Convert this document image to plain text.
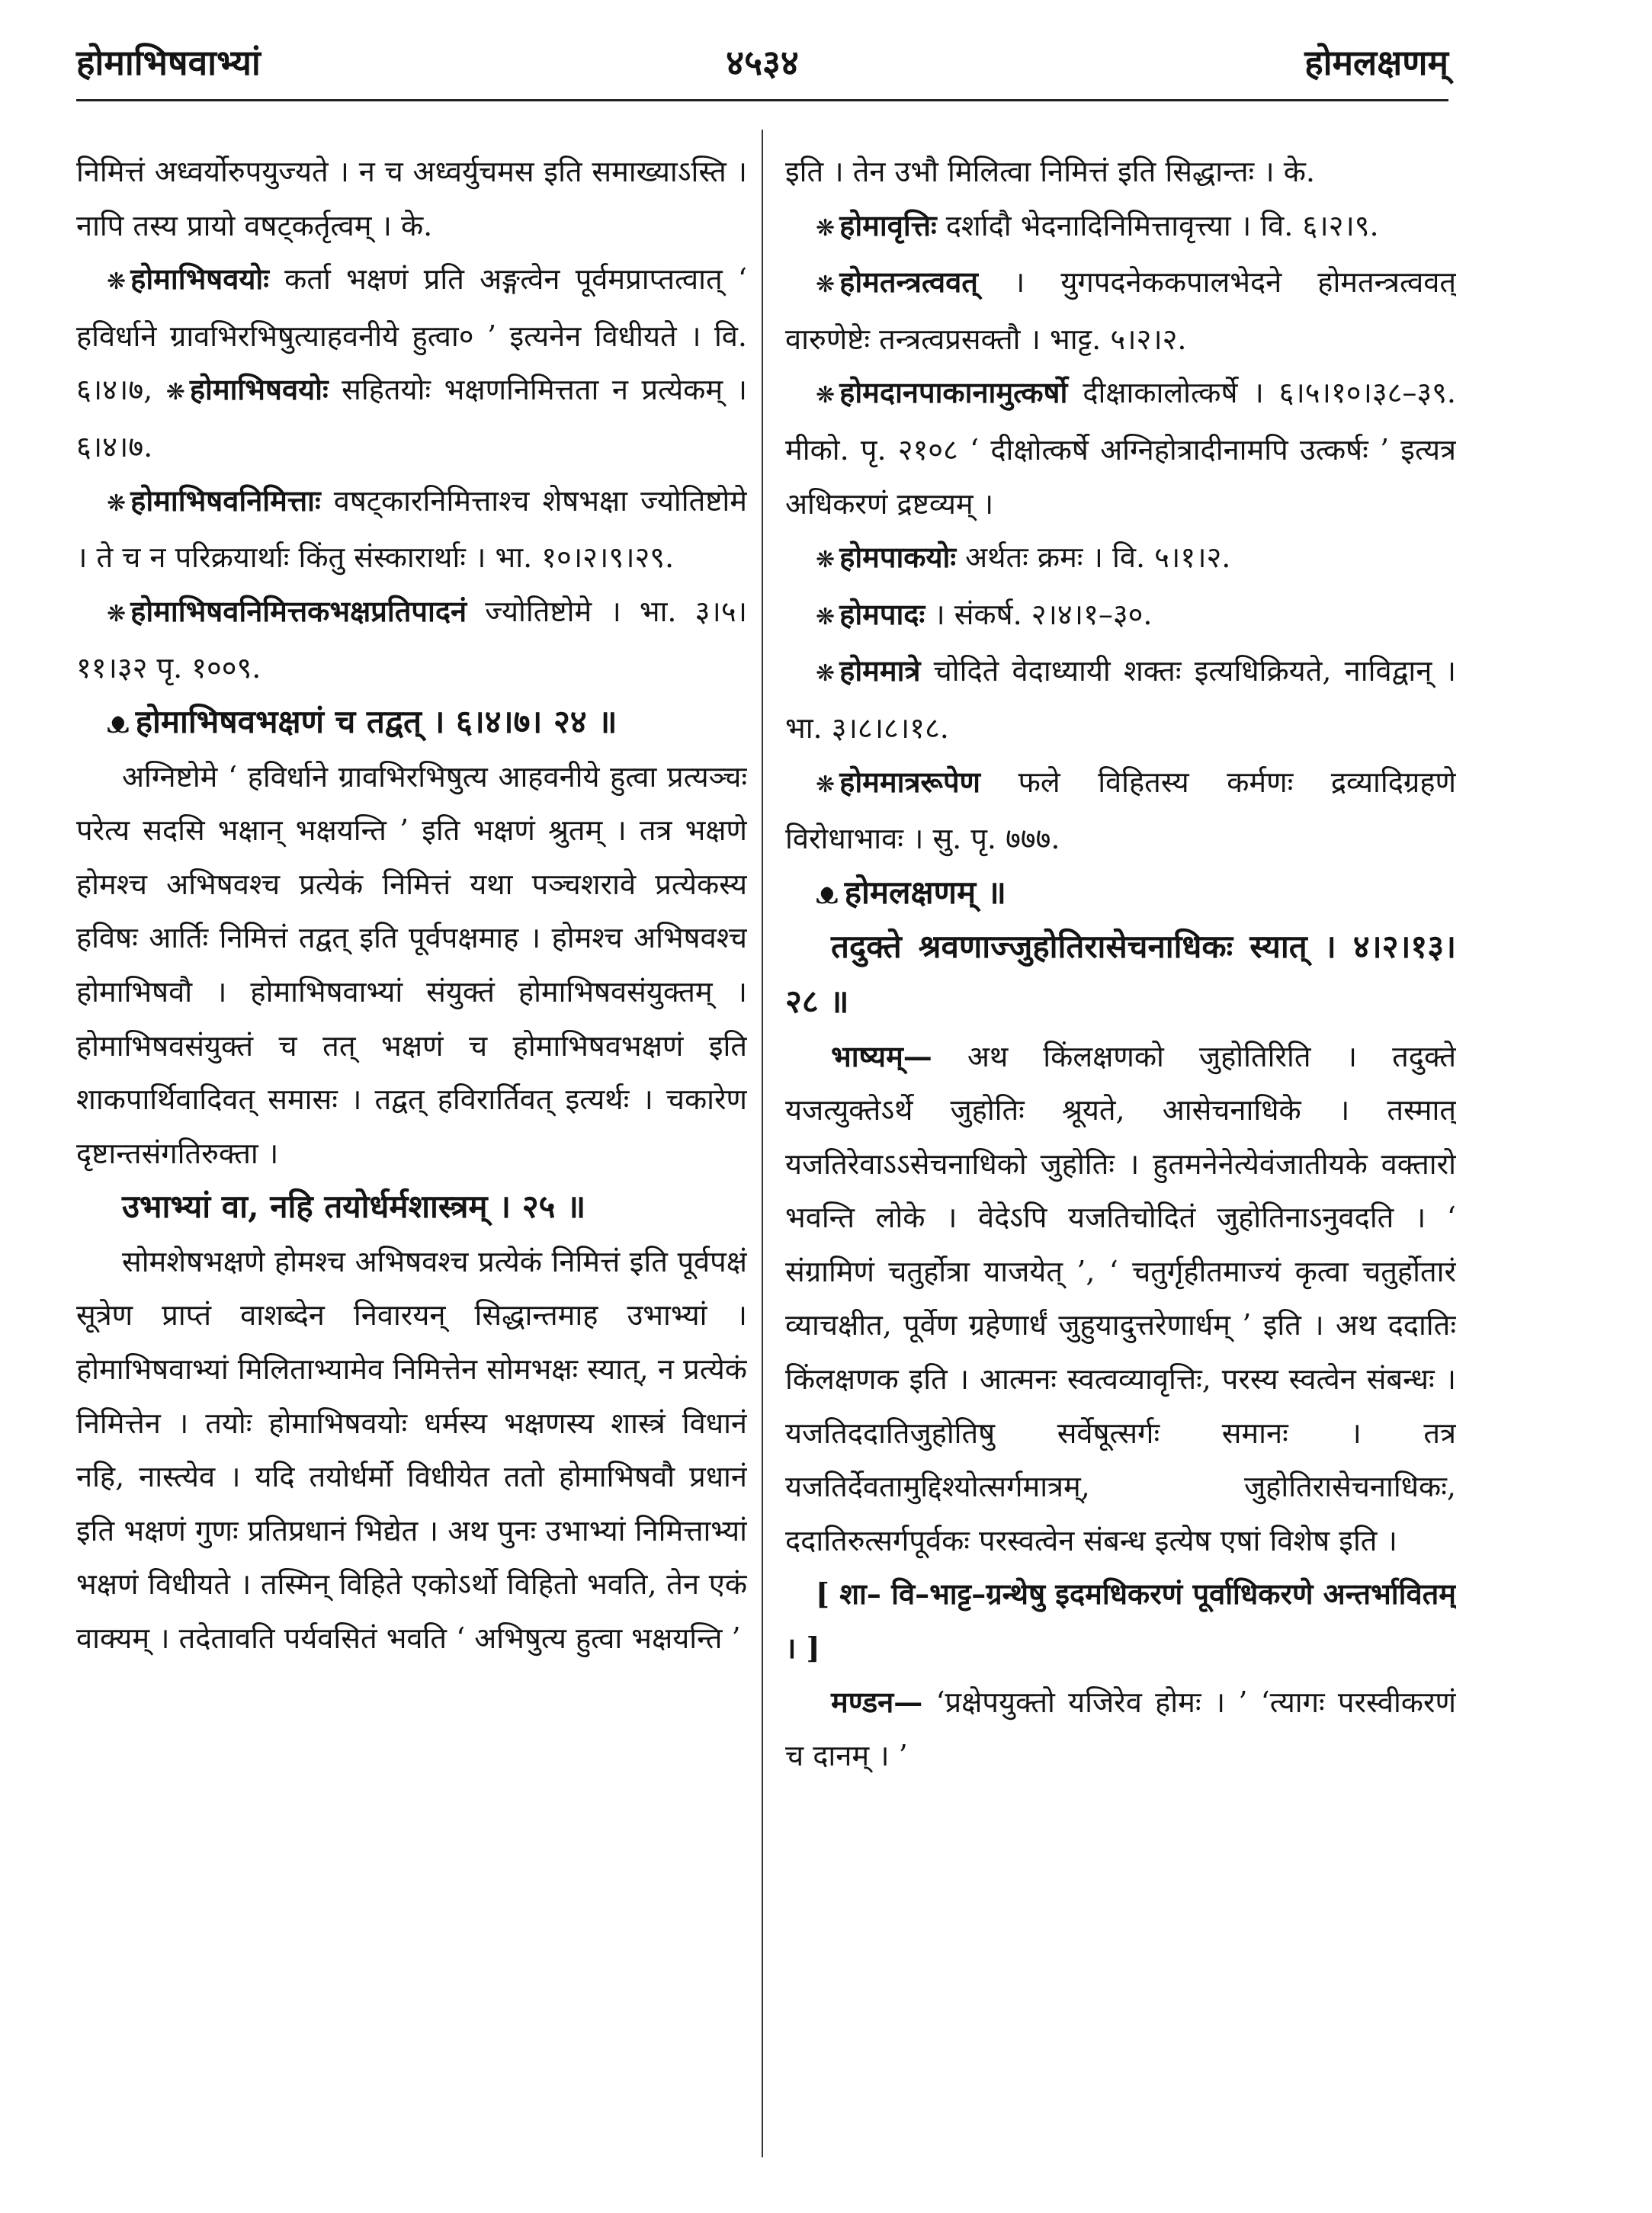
४५३४
होमाभिषवाभ्यां	होमलक्षणम्

निमित्तं अध्वर्योरुपयुज्यते । न च अध्वर्युचमस इति समाख्याऽस्ति । नापि तस्य प्रायो वषट्कर्तृत्वम् । के.

❋ होमाभिषवयोः कर्ता भक्षणं प्रति अङ्गत्वेन पूर्वमप्राप्तत्वात् ‘ हविर्धाने ग्रावभिरभिषुत्याहवनीये हुत्वा० ’ इत्यनेन विधीयते । वि. ६।४।७, ❋ होमाभिषवयोः सहितयोः भक्षणनिमित्तता न प्रत्येकम् । ६।४।७.

❋ होमाभिषवनिमित्ताः वषट्कारनिमित्ताश्च शेषभक्षा ज्योतिष्टोमे । ते च न परिक्रयार्थाः किंतु संस्कारार्थाः । भा. १०।२।९।२९.

❋ होमाभिषवनिमित्तकभक्षप्रतिपादनं ज्योतिष्टोमे । भा. ३।५।११।३२ पृ. १००९.

ᴥ होमाभिषवभक्षणं च तद्वत् । ६।४।७। २४ ॥

अग्निष्टोमे ‘ हविर्धाने ग्रावभिरभिषुत्य आहवनीये हुत्वा प्रत्यञ्चः परेत्य सदसि भक्षान् भक्षयन्ति ’ इति भक्षणं श्रुतम् । तत्र भक्षणे होमश्च अभिषवश्च प्रत्येकं निमित्तं यथा पञ्चशरावे प्रत्येकस्य हविषः आर्तिः निमित्तं तद्वत् इति पूर्वपक्षमाह । होमश्च अभिषवश्च होमाभिषवौ । होमाभिषवाभ्यां संयुक्तं होमाभिषवसंयुक्तम् । होमाभिषवसंयुक्तं च तत् भक्षणं च होमाभिषवभक्षणं इति शाकपार्थिवादिवत् समासः । तद्वत् हविरार्तिवत् इत्यर्थः । चकारेण दृष्टान्तसंगतिरुक्ता ।

उभाभ्यां वा, नहि तयोर्धर्मशास्त्रम् । २५ ॥

सोमशेषभक्षणे होमश्च अभिषवश्च प्रत्येकं निमित्तं इति पूर्वपक्षं सूत्रेण प्राप्तं वाशब्देन निवारयन् सिद्धान्तमाह उभाभ्यां । होमाभिषवाभ्यां मिलिताभ्यामेव निमित्तेन सोमभक्षः स्यात्, न प्रत्येकं निमित्तेन । तयोः होमाभिषवयोः धर्मस्य भक्षणस्य शास्त्रं विधानं नहि, नास्त्येव । यदि तयोर्धर्मो विधीयेत ततो होमाभिषवौ प्रधानं इति भक्षणं गुणः प्रतिप्रधानं भिद्येत । अथ पुनः उभाभ्यां निमित्ताभ्यां भक्षणं विधीयते । तस्मिन् विहिते एकोऽर्थो विहितो भवति, तेन एकं वाक्यम् । तदेतावति पर्यवसितं भवति ‘ अभिषुत्य हुत्वा भक्षयन्ति ’

इति । तेन उभौ मिलित्वा निमित्तं इति सिद्धान्तः । के.

❋ होमावृत्तिः दर्शादौ भेदनादिनिमित्तावृत्त्या । वि. ६।२।९.

❋ होमतन्त्रत्ववत् । युगपदनेककपालभेदने होमतन्त्रत्ववत् वारुणेष्टेः तन्त्रत्वप्रसक्तौ । भाट्ट. ५।२।२.

❋ होमदानपाकानामुत्कर्षो दीक्षाकालोत्कर्षे । ६।५।१०।३८–३९. मीको. पृ. २१०८ ‘ दीक्षोत्कर्षे अग्निहोत्रादीनामपि उत्कर्षः ’ इत्यत्र अधिकरणं द्रष्टव्यम् ।

❋ होमपाकयोः अर्थतः क्रमः । वि. ५।१।२.

❋ होमपादः । संकर्ष. २।४।१–३०.

❋ होममात्रे चोदिते वेदाध्यायी शक्तः इत्यधिक्रियते, नाविद्वान् । भा. ३।८।८।१८.

❋ होममात्ररूपेण फले विहितस्य कर्मणः द्रव्यादिग्रहणे विरोधाभावः । सु. पृ. ७७७.

ᴥ होमलक्षणम् ॥

तदुक्ते श्रवणाज्जुहोतिरासेचनाधिकः स्यात् । ४।२।१३।२८ ॥

भाष्यम्— अथ किंलक्षणको जुहोतिरिति । तदुक्ते यजत्युक्तेऽर्थे जुहोतिः श्रूयते, आसेचनाधिके । तस्मात् यजतिरेवाऽऽसेचनाधिको जुहोतिः । हुतमनेनेत्येवंजातीयके वक्तारो भवन्ति लोके । वेदेऽपि यजतिचोदितं जुहोतिनाऽनुवदति । ‘ संग्रामिणं चतुर्होत्रा याजयेत् ’, ‘ चतुर्गृहीतमाज्यं कृत्वा चतुर्होतारं व्याचक्षीत, पूर्वेण ग्रहेणार्धं जुहुयादुत्तरेणार्धम् ’ इति । अथ ददातिः किंलक्षणक इति । आत्मनः स्वत्वव्यावृत्तिः, परस्य स्वत्वेन संबन्धः । यजतिददातिजुहोतिषु सर्वेषूत्सर्गः समानः । तत्र यजतिर्देवतामुद्दिश्योत्सर्गमात्रम्, जुहोतिरासेचनाधिकः, ददातिरुत्सर्गपूर्वकः परस्वत्वेन संबन्ध इत्येष एषां विशेष इति ।

[ शा– वि–भाट्ट–ग्रन्थेषु इदमधिकरणं पूर्वाधिकरणे अन्तर्भावितम् । ]

मण्डन— ‘प्रक्षेपयुक्तो यजिरेव होमः । ’ ‘त्यागः परस्वीकरणं च दानम् । ’
